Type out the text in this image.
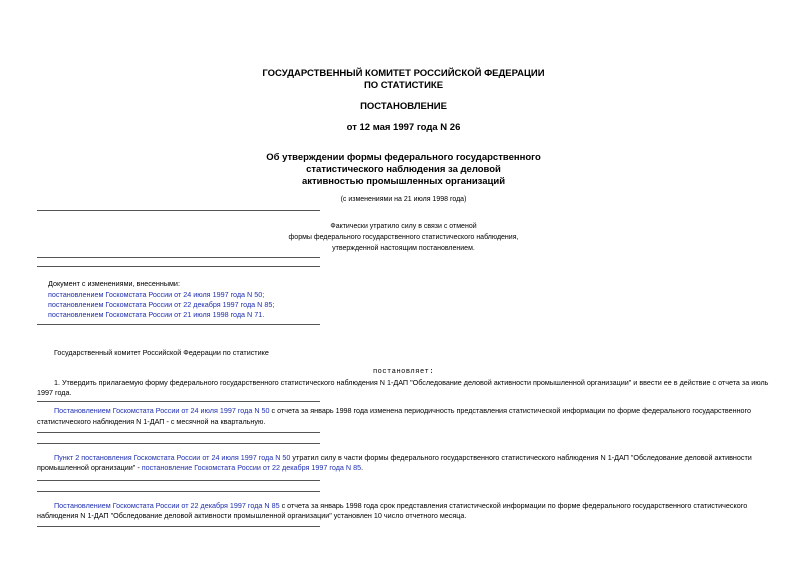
ГОСУДАРСТВЕННЫЙ КОМИТЕТ РОССИЙСКОЙ ФЕДЕРАЦИИ
ПО СТАТИСТИКЕ
ПОСТАНОВЛЕНИЕ
от 12 мая 1997 года N 26
Об утверждении формы федерального государственного
статистического наблюдения за деловой
активностью промышленных организаций
(с изменениями на 21 июля 1998 года)
Фактически утратило силу в связи с отменой
формы федерального государственного статистического наблюдения,
утвержденной настоящим постановлением.
Документ с изменениями, внесенными:
постановлением Госкомстата России от 24 июля 1997 года N 50;
постановлением Госкомстата России от 22 декабря 1997 года N 85;
постановлением Госкомстата России от 21 июля 1998 года N 71.
Государственный комитет Российской Федерации по статистике
постановляет:
1. Утвердить прилагаемую форму федерального государственного статистического наблюдения N 1-ДАП "Обследование деловой активности промышленной организации" и ввести ее в действие с отчета за июль
1997 года.
Постановлением Госкомстата России от 24 июля 1997 года N 50 с отчета за январь 1998 года изменена периодичность представления статистической информации по форме федерального государственного
статистического наблюдения N 1-ДАП - с месячной на квартальную.
Пункт 2 постановления Госкомстата России от 24 июля 1997 года N 50 утратил силу в части формы федерального государственного статистического наблюдения N 1-ДАП "Обследование деловой активности
промышленной организации" - постановление Госкомстата России от 22 декабря 1997 года N 85.
Постановлением Госкомстата России от 22 декабря 1997 года N 85 с отчета за январь 1998 года срок представления статистической информации по форме федерального государственного статистического
наблюдения N 1-ДАП "Обследование деловой активности промышленной организации" установлен 10 число отчетного месяца.
